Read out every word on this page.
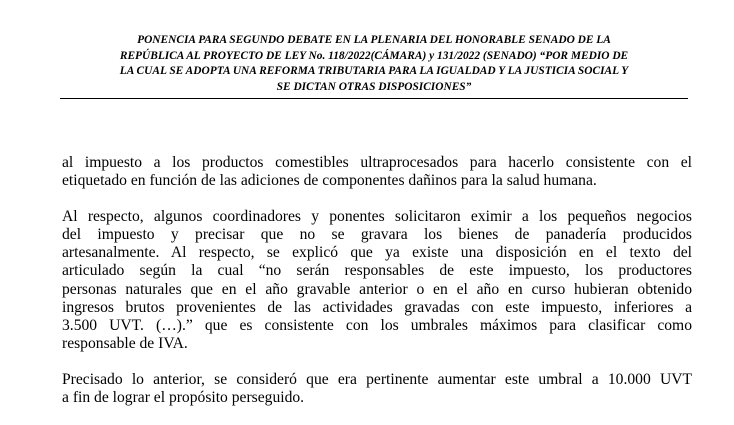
PONENCIA PARA SEGUNDO DEBATE EN LA PLENARIA DEL HONORABLE SENADO DE LA
REPÚBLICA AL PROYECTO DE LEY No. 118/2022(CÁMARA) y 131/2022 (SENADO) “POR MEDIO DE
LA CUAL SE ADOPTA UNA REFORMA TRIBUTARIA PARA LA IGUALDAD Y LA JUSTICIA SOCIAL Y
SE DICTAN OTRAS DISPOSICIONES”

al impuesto a los productos comestibles ultraprocesados para hacerlo consistente con el
etiquetado en función de las adiciones de componentes dañinos para la salud humana.

Al respecto, algunos coordinadores y ponentes solicitaron eximir a los pequeños negocios
del impuesto y precisar que no se gravara los bienes de panadería producidos
artesanalmente. Al respecto, se explicó que ya existe una disposición en el texto del
articulado según la cual “no serán responsables de este impuesto, los productores
personas naturales que en el año gravable anterior o en el año en curso hubieran obtenido
ingresos brutos provenientes de las actividades gravadas con este impuesto, inferiores a
3.500 UVT. (…).” que es consistente con los umbrales máximos para clasificar como
responsable de IVA.

Precisado lo anterior, se consideró que era pertinente aumentar este umbral a 10.000 UVT
a fin de lograr el propósito perseguido.
